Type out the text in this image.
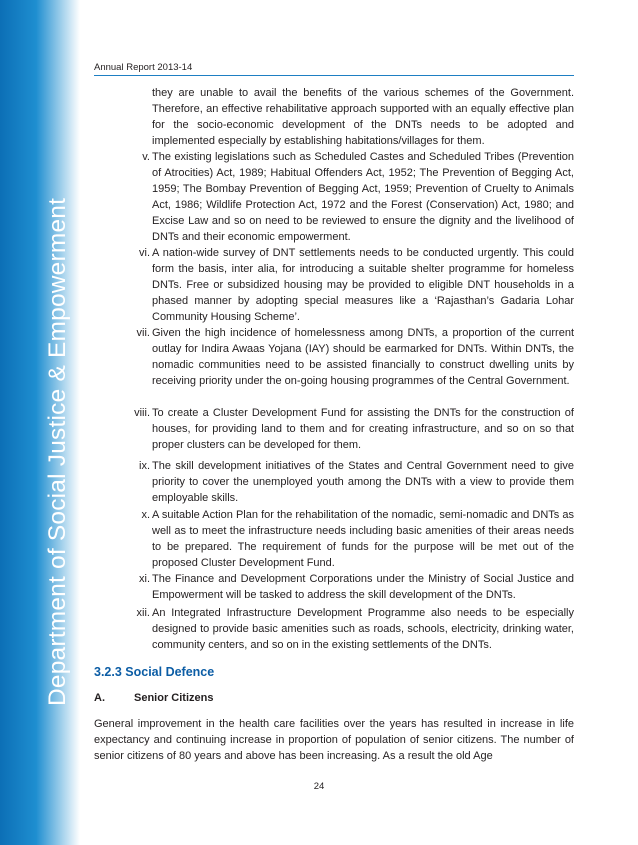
Department of Social Justice & Empowerment
Annual Report 2013-14
they are unable to avail the benefits of the various schemes of the Government. Therefore, an effective rehabilitative approach supported with an equally effective plan for the socio-economic development of the DNTs needs to be adopted and implemented especially by establishing habitations/villages for them.
v. The existing legislations such as Scheduled Castes and Scheduled Tribes (Prevention of Atrocities) Act, 1989; Habitual Offenders Act, 1952; The Prevention of Begging Act, 1959; The Bombay Prevention of Begging Act, 1959; Prevention of Cruelty to Animals Act, 1986; Wildlife Protection Act, 1972 and the Forest (Conservation) Act, 1980; and Excise Law and so on need to be reviewed to ensure the dignity and the livelihood of DNTs and their economic empowerment.
vi. A nation-wide survey of DNT settlements needs to be conducted urgently. This could form the basis, inter alia, for introducing a suitable shelter programme for homeless DNTs. Free or subsidized housing may be provided to eligible DNT households in a phased manner by adopting special measures like a ‘Rajasthan’s Gadaria Lohar Community Housing Scheme’.
vii. Given the high incidence of homelessness among DNTs, a proportion of the current outlay for Indira Awaas Yojana (IAY) should be earmarked for DNTs. Within DNTs, the nomadic communities need to be assisted financially to construct dwelling units by receiving priority under the on-going housing programmes of the Central Government.
viii. To create a Cluster Development Fund for assisting the DNTs for the construction of houses, for providing land to them and for creating infrastructure, and so on so that proper clusters can be developed for them.
ix. The skill development initiatives of the States and Central Government need to give priority to cover the unemployed youth among the DNTs with a view to provide them employable skills.
x. A suitable Action Plan for the rehabilitation of the nomadic, semi-nomadic and DNTs as well as to meet the infrastructure needs including basic amenities of their areas needs to be prepared. The requirement of funds for the purpose will be met out of the proposed Cluster Development Fund.
xi. The Finance and Development Corporations under the Ministry of Social Justice and Empowerment will be tasked to address the skill development of the DNTs.
xii. An Integrated Infrastructure Development Programme also needs to be especially designed to provide basic amenities such as roads, schools, electricity, drinking water, community centers, and so on in the existing settlements of the DNTs.
3.2.3 Social Defence
A.	Senior Citizens
General improvement in the health care facilities over the years has resulted in increase in life expectancy and continuing increase in proportion of population of senior citizens. The number of senior citizens of 80 years and above has been increasing. As a result the old Age
24
